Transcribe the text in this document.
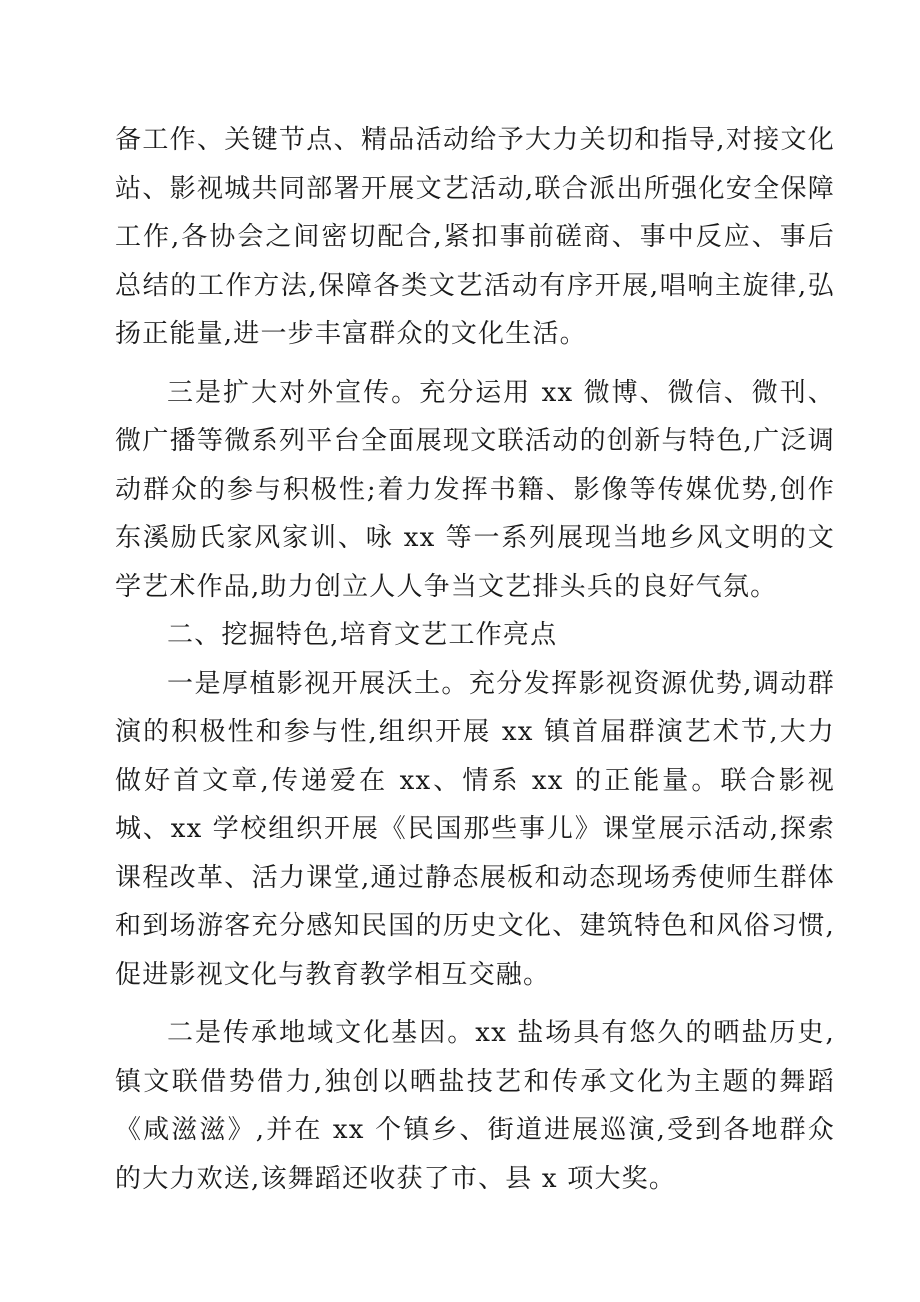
备工作、关键节点、精品活动给予大力关切和指导,对接文化站、影视城共同部署开展文艺活动,联合派出所强化安全保障工作,各协会之间密切配合,紧扣事前磋商、事中反应、事后总结的工作方法,保障各类文艺活动有序开展,唱响主旋律,弘扬正能量,进一步丰富群众的文化生活。

三是扩大对外宣传。充分运用 xx 微博、微信、微刊、微广播等微系列平台全面展现文联活动的创新与特色,广泛调动群众的参与积极性;着力发挥书籍、影像等传媒优势,创作东溪励氏家风家训、咏 xx 等一系列展现当地乡风文明的文学艺术作品,助力创立人人争当文艺排头兵的良好气氛。

二、挖掘特色,培育文艺工作亮点

一是厚植影视开展沃土。充分发挥影视资源优势,调动群演的积极性和参与性,组织开展 xx 镇首届群演艺术节,大力做好首文章,传递爱在 xx、情系 xx 的正能量。联合影视城、xx 学校组织开展《民国那些事儿》课堂展示活动,探索课程改革、活力课堂,通过静态展板和动态现场秀使师生群体和到场游客充分感知民国的历史文化、建筑特色和风俗习惯,促进影视文化与教育教学相互交融。

二是传承地域文化基因。xx 盐场具有悠久的晒盐历史,镇文联借势借力,独创以晒盐技艺和传承文化为主题的舞蹈《咸滋滋》,并在 xx 个镇乡、街道进展巡演,受到各地群众的大力欢送,该舞蹈还收获了市、县 x 项大奖。
